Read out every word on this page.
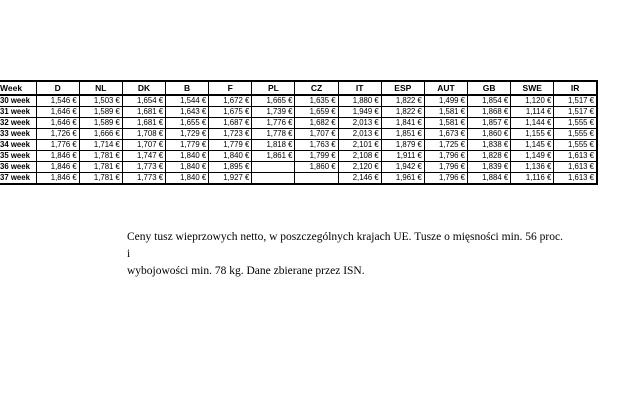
Week	D	NL	DK	B	F	PL	CZ	IT	ESP	AUT	GB	SWE	IR
30 week	1,546 €	1,503 €	1,654 €	1,544 €	1,672 €	1,665 €	1,635 €	1,880 €	1,822 €	1,499 €	1,854 €	1,120 €	1,517 €
31 week	1,646 €	1,589 €	1,681 €	1,643 €	1,675 €	1,739 €	1,659 €	1,949 €	1,822 €	1,581 €	1,868 €	1,114 €	1,517 €
32 week	1,646 €	1,589 €	1,681 €	1,655 €	1,687 €	1,776 €	1,682 €	2,013 €	1,841 €	1,581 €	1,857 €	1,144 €	1,555 €
33 week	1,726 €	1,666 €	1,708 €	1,729 €	1,723 €	1,778 €	1,707 €	2,013 €	1,851 €	1,673 €	1,860 €	1,155 €	1,555 €
34 week	1,776 €	1,714 €	1,707 €	1,779 €	1,779 €	1,818 €	1,763 €	2,101 €	1,879 €	1,725 €	1,838 €	1,145 €	1,555 €
35 week	1,846 €	1,781 €	1,747 €	1,840 €	1,840 €	1,861 €	1,799 €	2,108 €	1,911 €	1,796 €	1,828 €	1,149 €	1,613 €
36 week	1,846 €	1,781 €	1,773 €	1,840 €	1,895 €		1,860 €	2,120 €	1,942 €	1,796 €	1,839 €	1,136 €	1,613 €
37 week	1,846 €	1,781 €	1,773 €	1,840 €	1,927 €			2,146 €	1,961 €	1,796 €	1,884 €	1,116 €	1,613 €

Ceny tusz wieprzowych netto, w poszczególnych krajach UE. Tusze o mięsności min. 56 proc. i

wybojowości min. 78 kg. Dane zbierane przez ISN.
